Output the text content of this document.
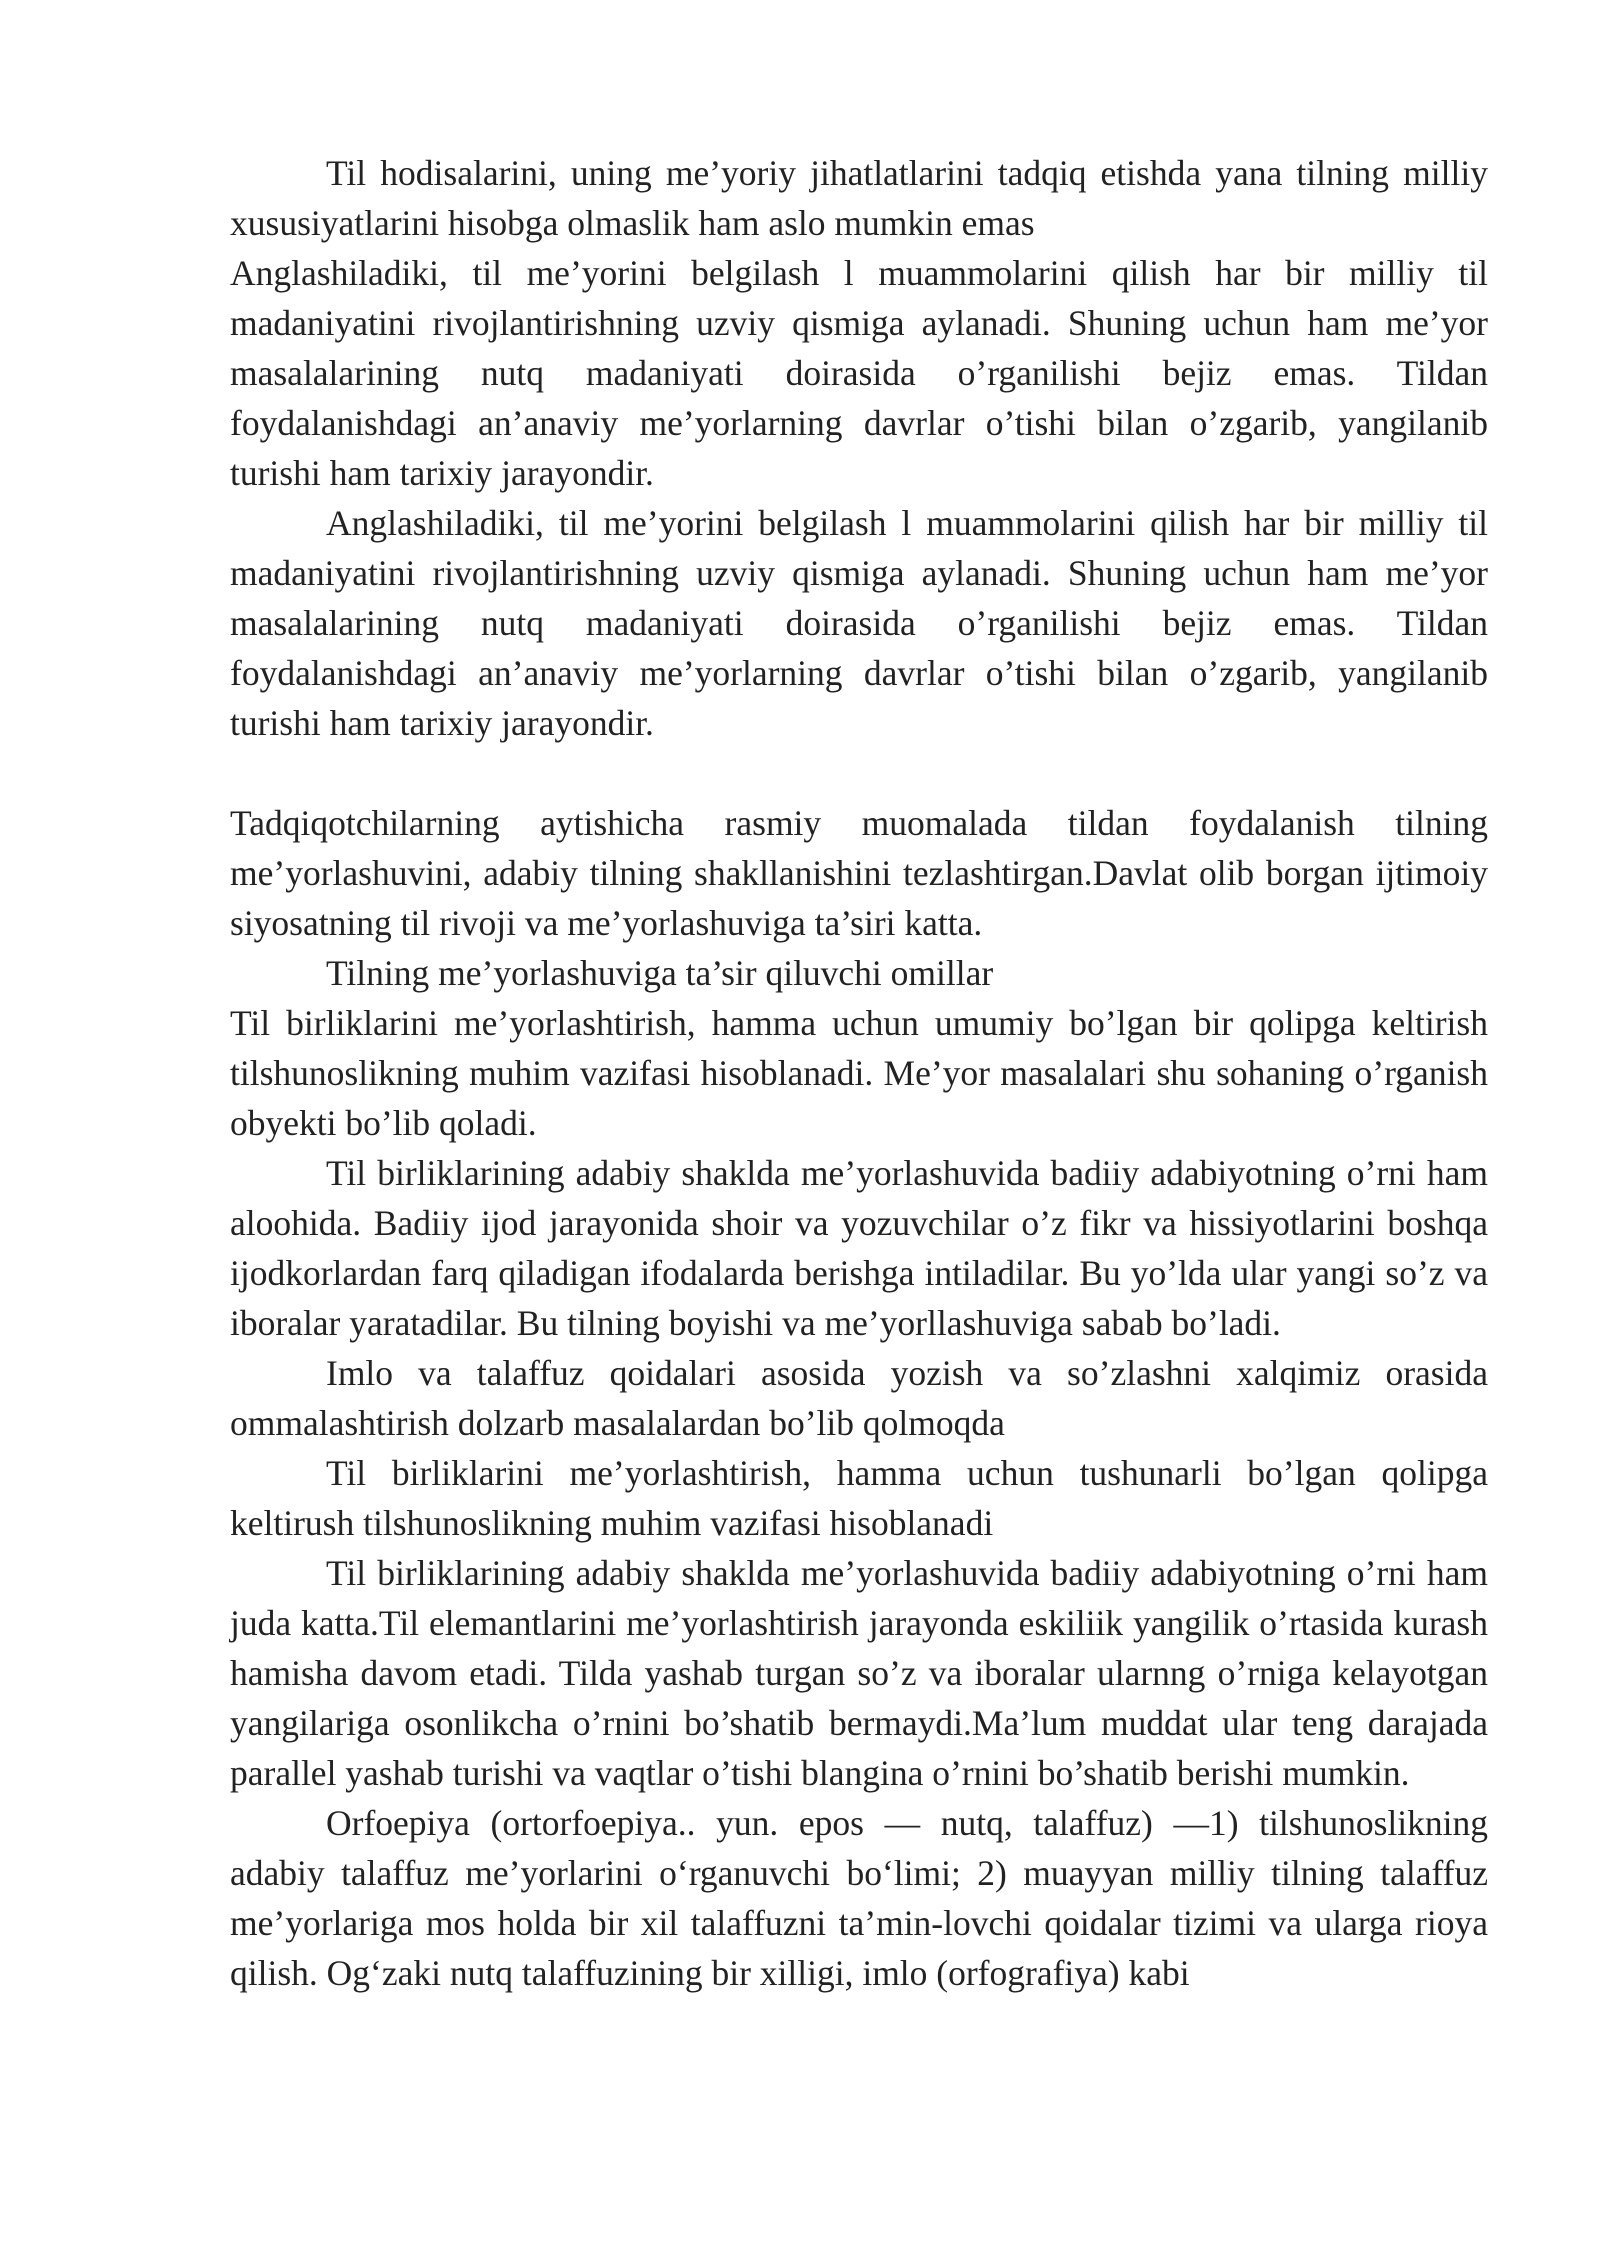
Til hodisalarini, uning me’yoriy jihatlatlarini tadqiq etishda yana tilning milliy xususiyatlarini hisobga olmaslik ham aslo mumkin emas

Anglashiladiki, til me’yorini belgilash l muammolarini qilish har bir milliy til madaniyatini rivojlantirishning uzviy qismiga aylanadi. Shuning uchun ham me’yor masalalarining nutq madaniyati doirasida o’rganilishi bejiz emas. Tildan foydalanishdagi an’anaviy me’yorlarning davrlar o’tishi bilan o’zgarib, yangilanib turishi ham tarixiy jarayondir.

Anglashiladiki, til me’yorini belgilash l muammolarini qilish har bir milliy til madaniyatini rivojlantirishning uzviy qismiga aylanadi. Shuning uchun ham me’yor masalalarining nutq madaniyati doirasida o’rganilishi bejiz emas. Tildan foydalanishdagi an’anaviy me’yorlarning davrlar o’tishi bilan o’zgarib, yangilanib turishi ham tarixiy jarayondir.

Tadqiqotchilarning aytishicha rasmiy muomalada tildan foydalanish tilning me’yorlashuvini, adabiy tilning shakllanishini tezlashtirgan.Davlat olib borgan ijtimoiy siyosatning til rivoji va me’yorlashuviga ta’siri katta.

Tilning me’yorlashuviga ta’sir qiluvchi omillar

Til birliklarini me’yorlashtirish, hamma uchun umumiy bo’lgan bir qolipga keltirish tilshunoslikning muhim vazifasi hisoblanadi. Me’yor masalalari shu sohaning o’rganish obyekti bo’lib qoladi.

Til birliklarining adabiy shaklda me’yorlashuvida badiiy adabiyotning o’rni ham aloohida. Badiiy ijod jarayonida shoir va yozuvchilar o’z fikr va hissiyotlarini boshqa ijodkorlardan farq qiladigan ifodalarda berishga intiladilar. Bu yo’lda ular yangi so’z va iboralar yaratadilar. Bu tilning boyishi va me’yorllashuviga sabab bo’ladi.

Imlo va talaffuz qoidalari asosida yozish va so’zlashni xalqimiz orasida ommalashtirish dolzarb masalalardan bo’lib qolmoqda

Til birliklarini me’yorlashtirish, hamma uchun tushunarli bo’lgan qolipga keltirush tilshunoslikning muhim vazifasi hisoblanadi

Til birliklarining adabiy shaklda me’yorlashuvida badiiy adabiyotning o’rni ham juda katta.Til elemantlarini me’yorlashtirish jarayonda eskiliik yangilik o’rtasida kurash hamisha davom etadi. Tilda yashab turgan so’z va iboralar ularnng o’rniga kelayotgan yangilariga osonlikcha o’rnini bo’shatib bermaydi.Ma’lum muddat ular teng darajada parallel yashab turishi va vaqtlar o’tishi blangina o’rnini bo’shatib berishi mumkin.

Orfoepiya (ortorfoepiya.. yun. epos — nutq, talaffuz) —1) tilshunoslikning adabiy talaffuz me’yorlarini o‘rganuvchi bo‘limi; 2) muayyan milliy tilning talaffuz me’yorlariga mos holda bir xil talaffuzni ta’min-lovchi qoidalar tizimi va ularga rioya qilish. Og‘zaki nutq talaffuzining bir xilligi, imlo (orfografiya) kabi
